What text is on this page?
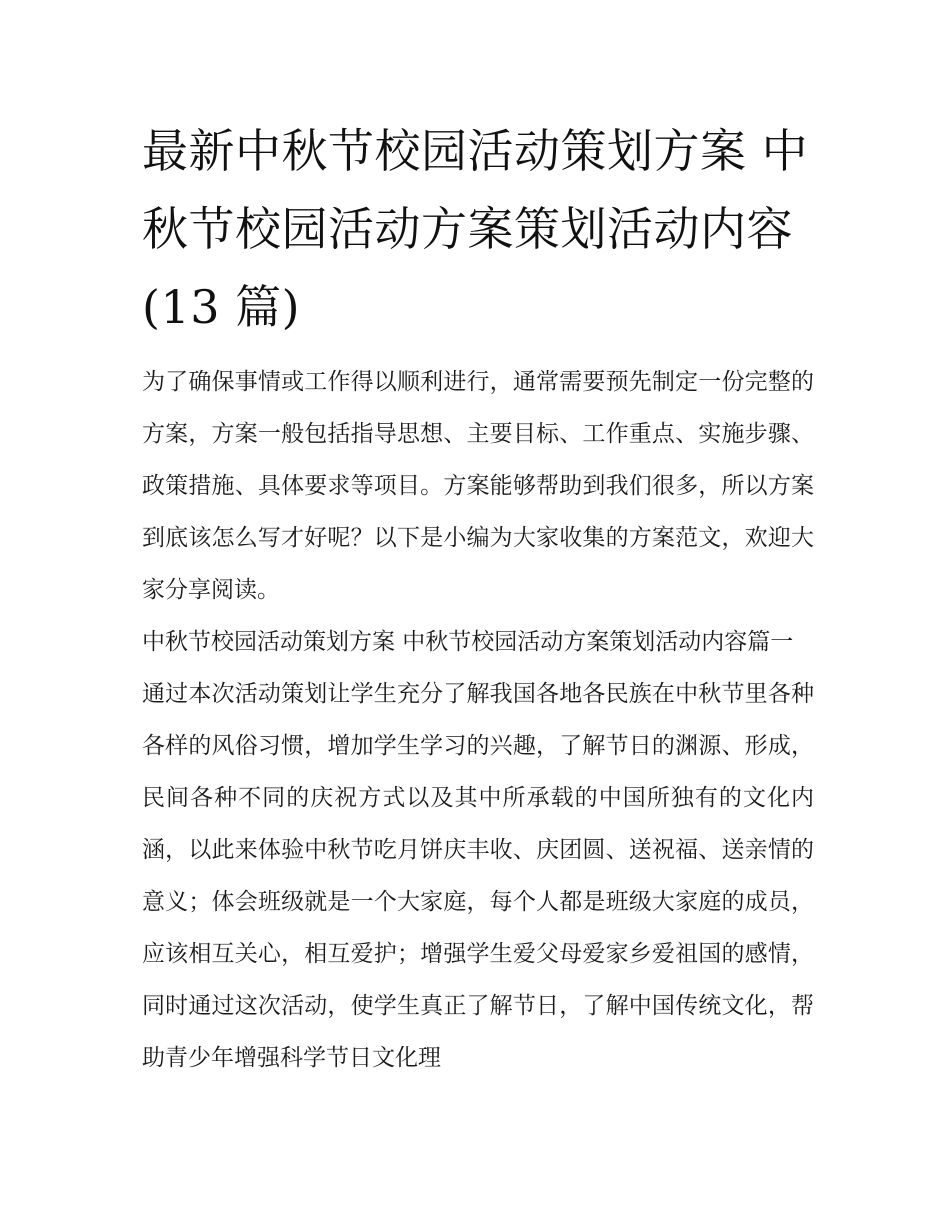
最新中秋节校园活动策划方案 中秋节校园活动方案策划活动内容(13 篇)

为了确保事情或工作得以顺利进行，通常需要预先制定一份完整的方案，方案一般包括指导思想、主要目标、工作重点、实施步骤、政策措施、具体要求等项目。方案能够帮助到我们很多，所以方案到底该怎么写才好呢？以下是小编为大家收集的方案范文，欢迎大家分享阅读。

中秋节校园活动策划方案 中秋节校园活动方案策划活动内容篇一

通过本次活动策划让学生充分了解我国各地各民族在中秋节里各种各样的风俗习惯，增加学生学习的兴趣，了解节日的渊源、形成，民间各种不同的庆祝方式以及其中所承载的中国所独有的文化内涵，以此来体验中秋节吃月饼庆丰收、庆团圆、送祝福、送亲情的意义；体会班级就是一个大家庭，每个人都是班级大家庭的成员，应该相互关心，相互爱护；增强学生爱父母爱家乡爱祖国的感情，同时通过这次活动，使学生真正了解节日，了解中国传统文化，帮助青少年增强科学节日文化理
